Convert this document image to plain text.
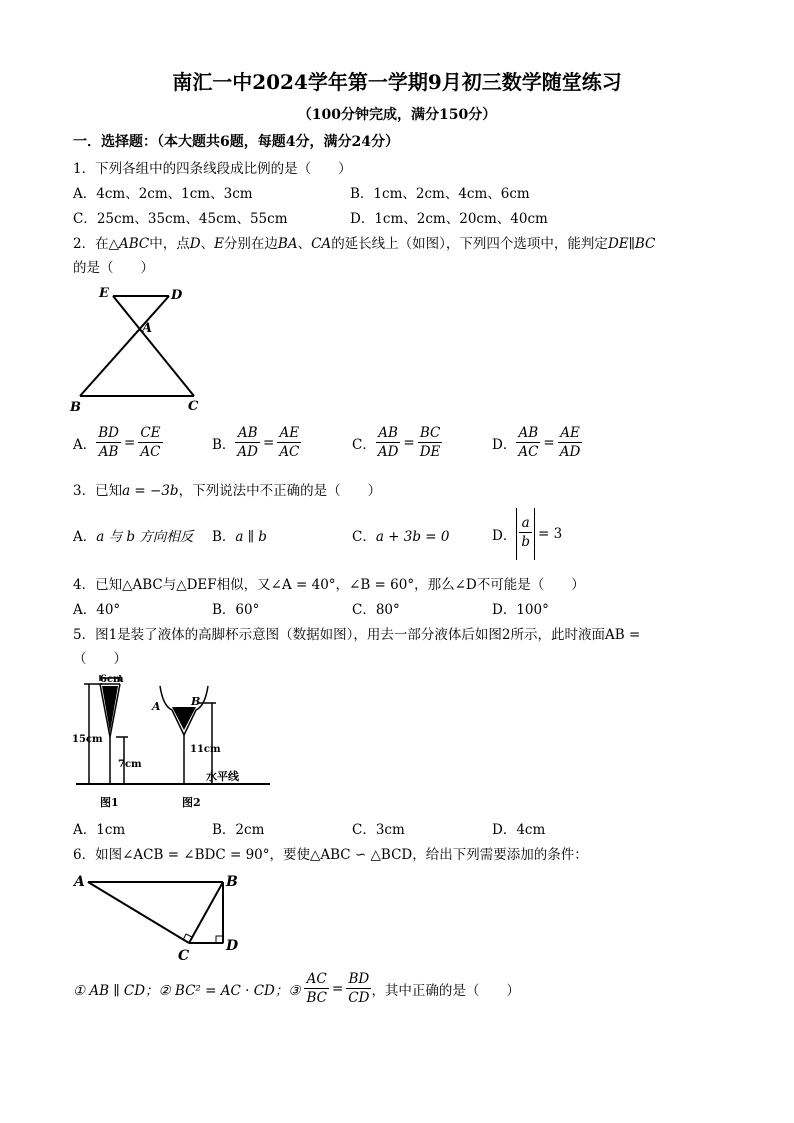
南汇一中2024学年第一学期9月初三数学随堂练习
（100分钟完成，满分150分）
一．选择题：（本大题共6题，每题4分，满分24分）
1．下列各组中的四条线段成比例的是（　　）
A．4cm、2cm、1cm、3cm	B．1cm、2cm、4cm、6cm
C．25cm、35cm、45cm、55cm	D．1cm、2cm、20cm、40cm
2．在△ABC中，点D、E分别在边BA、CA的延长线上（如图），下列四个选项中，能判定DE∥BC
的是（　　）
E	D
A
B	C
A． $\frac{BD}{AB} = \frac{CE}{AC}$	B． $\frac{AB}{AD} = \frac{AE}{AC}$	C． $\frac{AB}{AD} = \frac{BC}{DE}$	D． $\frac{AB}{AC} = \frac{AE}{AD}$
3．已知a = −3b，下列说法中不正确的是（　　）
A．a 与 b 方向相反 B．a ∥ b	C．a + 3b = 0	D． $\frac{a}{b} = 3$
4．已知△ABC与△DEF相似，又∠A = 40°，∠B = 60°，那么∠D不可能是（　　）
A．40°	B．60°	C．80°	D．100°
5．图1是装了液体的高脚杯示意图（数据如图），用去一部分液体后如图2所示，此时液面AB =
（　　）
6cm
15cm
7cm
11cm
水平线
图1	图2
A	B
A．1cm	B．2cm	C．3cm	D．4cm
6．如图∠ACB = ∠BDC = 90°，要使△ABC ∽ △BCD，给出下列需要添加的条件：
A	B
C
D
① AB ∥ CD；② BC² = AC · CD；③ $\frac{AC}{BC} = \frac{BD}{CD}$ ，其中正确的是（　　）
